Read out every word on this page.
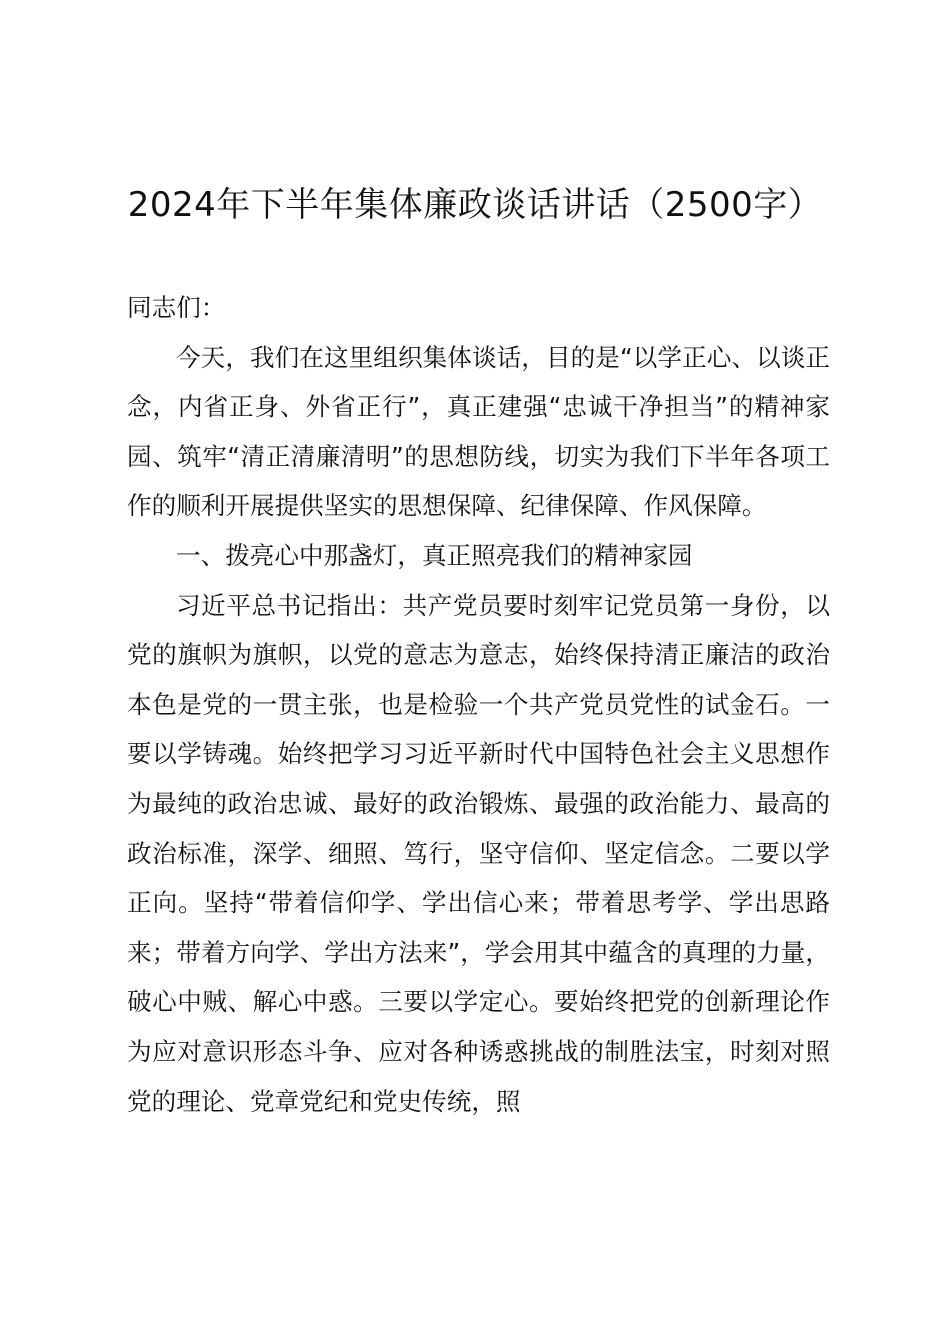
2024年下半年集体廉政谈话讲话（2500字）

同志们：

今天，我们在这里组织集体谈话，目的是“以学正心、以谈正念，内省正身、外省正行”，真正建强“忠诚干净担当”的精神家园、筑牢“清正清廉清明”的思想防线，切实为我们下半年各项工作的顺利开展提供坚实的思想保障、纪律保障、作风保障。

一、拨亮心中那盏灯，真正照亮我们的精神家园

习近平总书记指出：共产党员要时刻牢记党员第一身份，以党的旗帜为旗帜，以党的意志为意志，始终保持清正廉洁的政治本色是党的一贯主张，也是检验一个共产党员党性的试金石。一要以学铸魂。始终把学习习近平新时代中国特色社会主义思想作为最纯的政治忠诚、最好的政治锻炼、最强的政治能力、最高的政治标准，深学、细照、笃行，坚守信仰、坚定信念。二要以学正向。坚持“带着信仰学、学出信心来；带着思考学、学出思路来；带着方向学、学出方法来”，学会用其中蕴含的真理的力量，破心中贼、解心中惑。三要以学定心。要始终把党的创新理论作为应对意识形态斗争、应对各种诱惑挑战的制胜法宝，时刻对照党的理论、党章党纪和党史传统，照
